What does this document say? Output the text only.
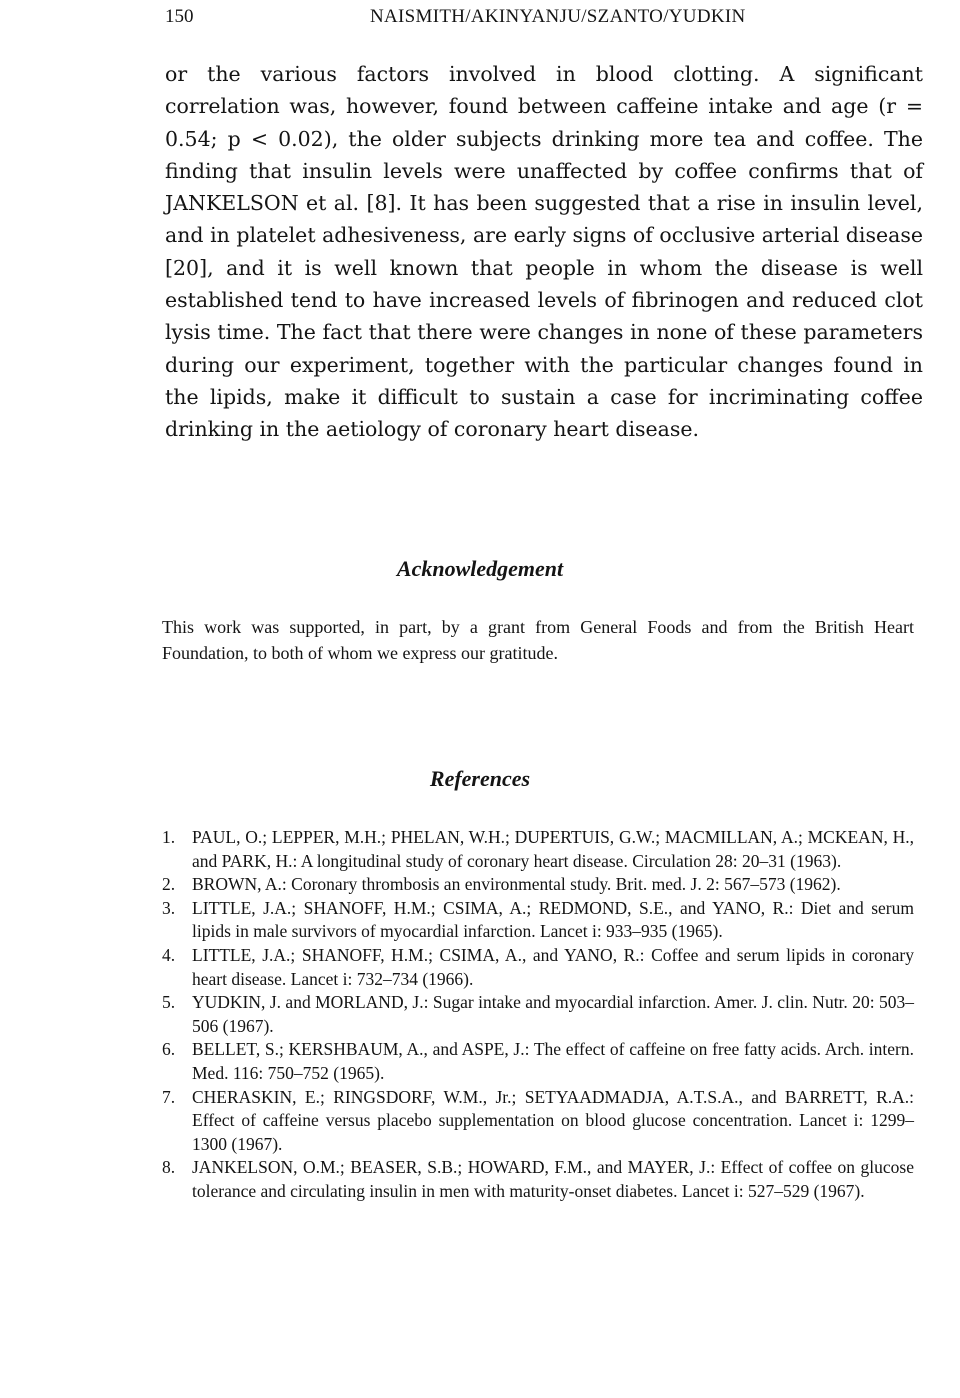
150	NAISMITH/AKINYANJU/SZANTO/YUDKIN

or the various factors involved in blood clotting. A significant correlation was, however, found between caffeine intake and age (r = 0.54; p < 0.02), the older subjects drinking more tea and coffee. The finding that insulin levels were unaffected by coffee confirms that of JANKELSON et al. [8]. It has been suggested that a rise in insulin level, and in platelet adhesiveness, are early signs of occlusive arterial disease [20], and it is well known that people in whom the disease is well established tend to have increased levels of fibrinogen and reduced clot lysis time. The fact that there were changes in none of these parameters during our experiment, together with the particular changes found in the lipids, make it difficult to sustain a case for incriminating coffee drinking in the aetiology of coronary heart disease.

Acknowledgement

This work was supported, in part, by a grant from General Foods and from the British Heart Foundation, to both of whom we express our gratitude.

References
1. PAUL, O.; LEPPER, M.H.; PHELAN, W.H.; DUPERTUIS, G.W.; MACMILLAN, A.; MCKEAN, H., and PARK, H.: A longitudinal study of coronary heart disease. Circulation 28: 20–31 (1963).
2. BROWN, A.: Coronary thrombosis an environmental study. Brit. med. J. 2: 567–573 (1962).
3. LITTLE, J.A.; SHANOFF, H.M.; CSIMA, A.; REDMOND, S.E., and YANO, R.: Diet and serum lipids in male survivors of myocardial infarction. Lancet i: 933–935 (1965).
4. LITTLE, J.A.; SHANOFF, H.M.; CSIMA, A., and YANO, R.: Coffee and serum lipids in coronary heart disease. Lancet i: 732–734 (1966).
5. YUDKIN, J. and MORLAND, J.: Sugar intake and myocardial infarction. Amer. J. clin. Nutr. 20: 503–506 (1967).
6. BELLET, S.; KERSHBAUM, A., and ASPE, J.: The effect of caffeine on free fatty acids. Arch. intern. Med. 116: 750–752 (1965).
7. CHERASKIN, E.; RINGSDORF, W.M., Jr.; SETYAADMADJA, A.T.S.A., and BARRETT, R.A.: Effect of caffeine versus placebo supplementation on blood glucose concentration. Lancet i: 1299–1300 (1967).
8. JANKELSON, O.M.; BEASER, S.B.; HOWARD, F.M., and MAYER, J.: Effect of coffee on glucose tolerance and circulating insulin in men with maturity-onset diabetes. Lancet i: 527–529 (1967).
